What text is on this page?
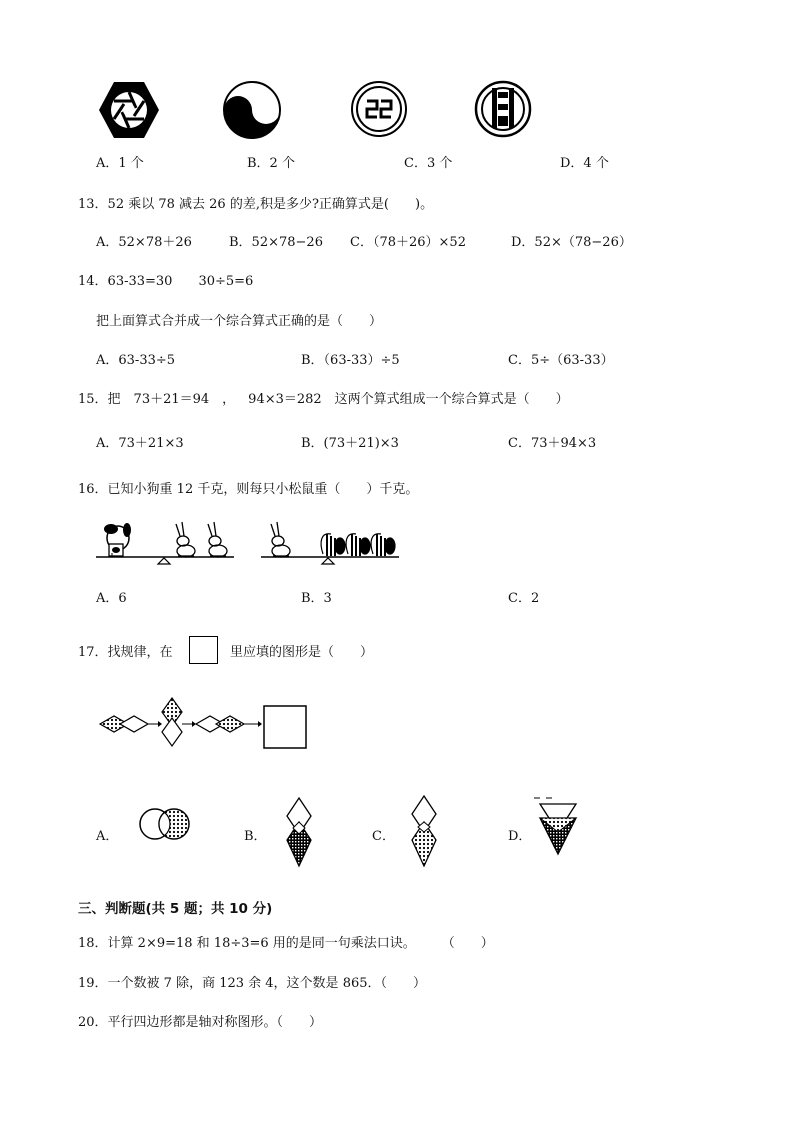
A．1 个	B．2 个	C．3 个	D．4 个
13．52 乘以 78 减去 26 的差,积是多少?正确算式是(  )。
A．52×78＋26	B．52×78−26 C．（78＋26）×52	D．52×（78−26）
14．63-33=30  30÷5=6
把上面算式合并成一个综合算式正确的是（  ）
A．63-33÷5	B．（63-33）÷5	C．5÷（63-33）
15．把 73＋21＝94 ， 94×3＝282 这两个算式组成一个综合算式是（  ）
A．73＋21×3	B．(73＋21)×3	C．73＋94×3
16．已知小狗重 12 千克，则每只小松鼠重（  ）千克。
A．6	B．3	C．2
17．找规律，在	里应填的图形是（  ）
A．	B．	C．	D．
三、判断题(共 5 题；共 10 分)
18．计算 2×9=18 和 18÷3=6 用的是同一句乘法口诀。  （  ）
19．一个数被 7 除，商 123 余 4，这个数是 865．（  ）
20．平行四边形都是轴对称图形。（  ）
